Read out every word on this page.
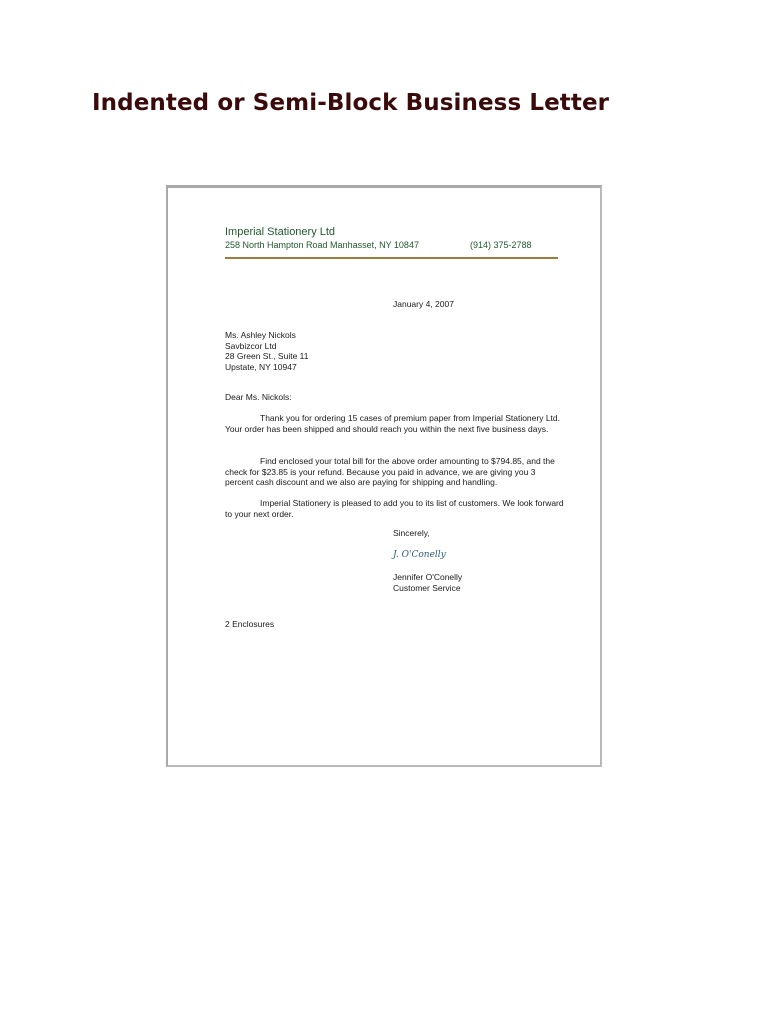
Indented or Semi-Block Business Letter
Imperial Stationery Ltd
258 North Hampton Road Manhasset, NY 10847	(914) 375-2788
January 4, 2007
Ms. Ashley Nickols
Savbizcor Ltd
28 Green St., Suite 11
Upstate, NY 10947
Dear Ms. Nickols:
Thank you for ordering 15 cases of premium paper from Imperial Stationery Ltd. Your order has been shipped and should reach you within the next five business days.
Find enclosed your total bill for the above order amounting to $794.85, and the check for $23.85 is your refund. Because you paid in advance, we are giving you 3 percent cash discount and we also are paying for shipping and handling.
Imperial Stationery is pleased to add you to its list of customers. We look forward to your next order.
Sincerely,
J. O'Conelly
Jennifer O'Conelly
Customer Service
2 Enclosures
